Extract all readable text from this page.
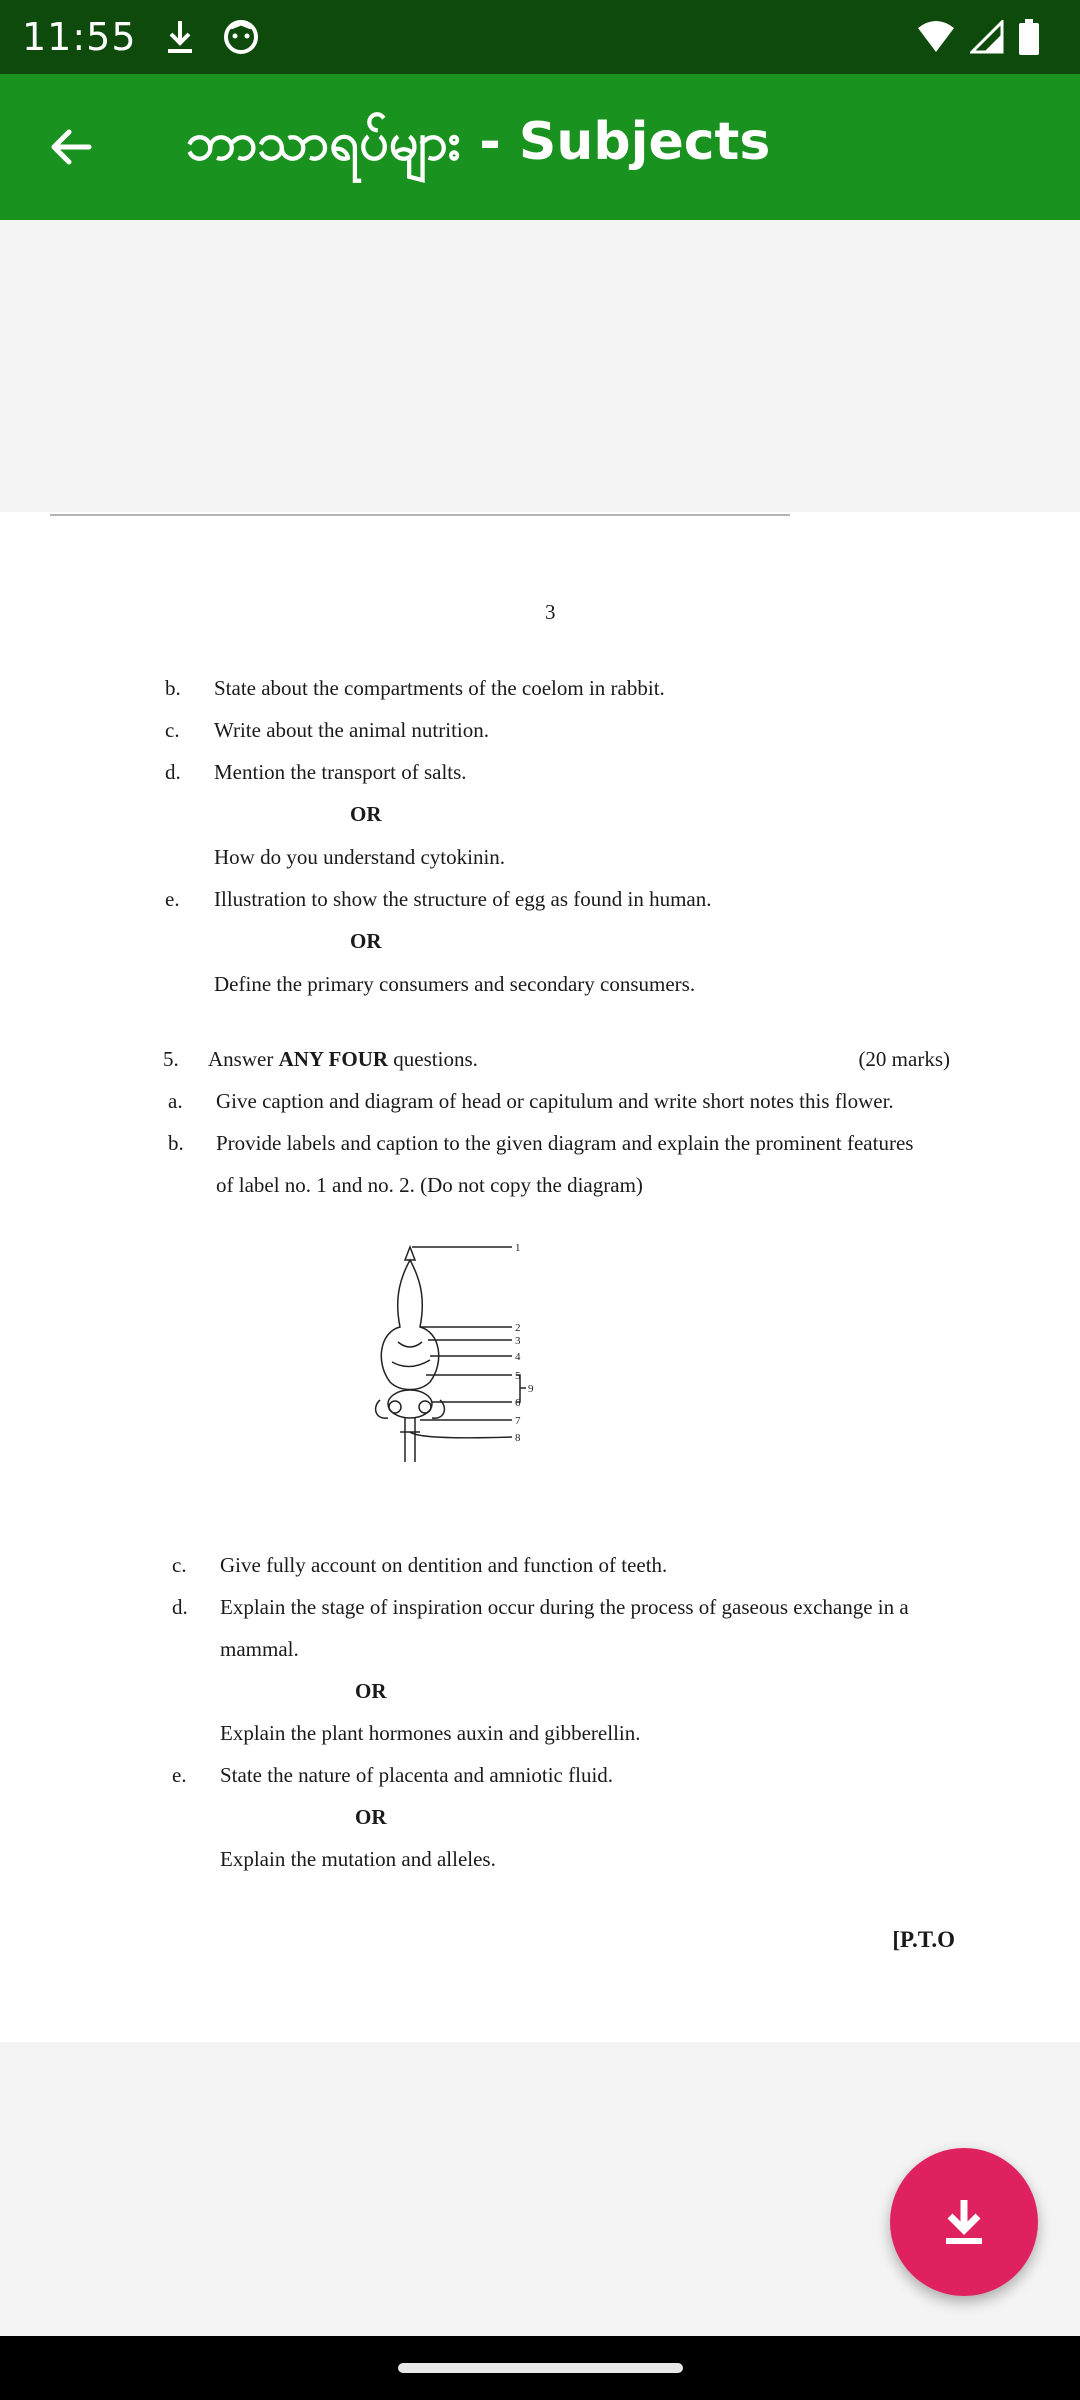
11:55
ဘာသာရပ်များ - Subjects
3
b. State about the compartments of the coelom in rabbit.
c. Write about the animal nutrition.
d. Mention the transport of salts.
OR
How do you understand cytokinin.
e. Illustration to show the structure of egg as found in human.
OR
Define the primary consumers and secondary consumers.
5. Answer ANY FOUR questions.	(20 marks)
a. Give caption and diagram of head or capitulum and write short notes this flower.
b. Provide labels and caption to the given diagram and explain the prominent features
of label no. 1 and no. 2. (Do not copy the diagram)
1
2
3
4
5
6
7
8
9
c. Give fully account on dentition and function of teeth.
d. Explain the stage of inspiration occur during the process of gaseous exchange in a
mammal.
OR
Explain the plant hormones auxin and gibberellin.
e. State the nature of placenta and amniotic fluid.
OR
Explain the mutation and alleles.
[P.T.O
